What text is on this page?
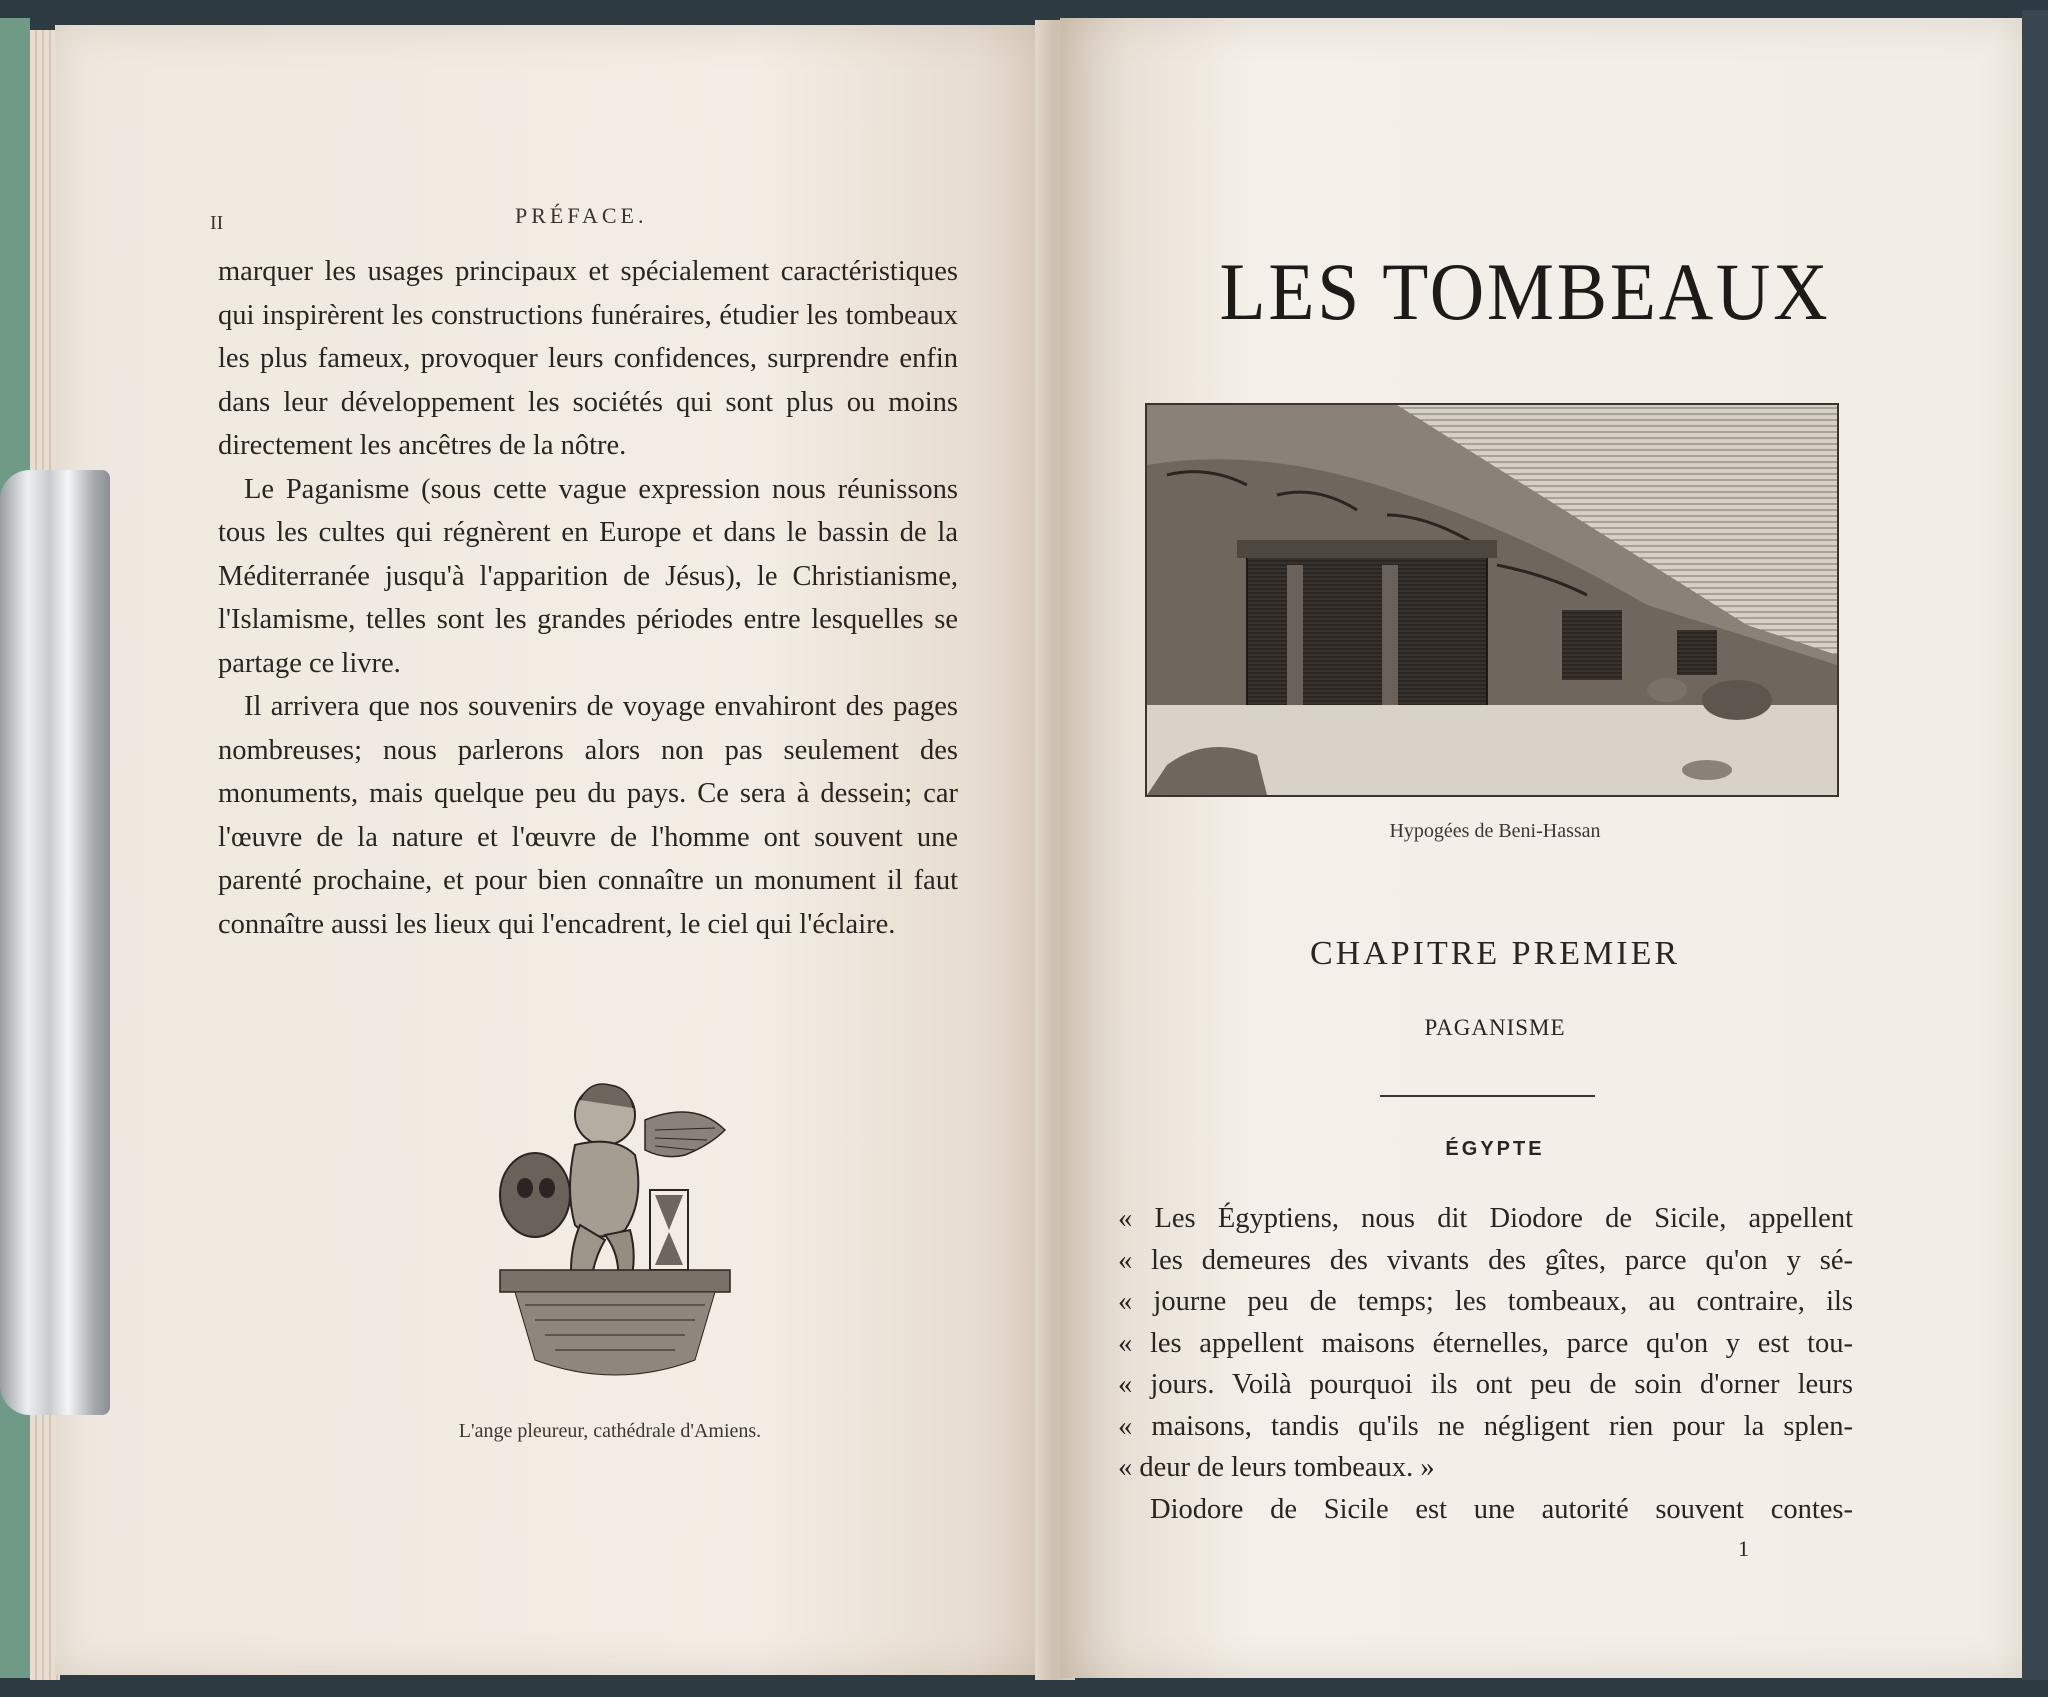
II	PRÉFACE.

marquer les usages principaux et spécialement caractéristiques qui inspirèrent les constructions funéraires, étudier les tombeaux les plus fameux, provoquer leurs confidences, surprendre enfin dans leur développement les sociétés qui sont plus ou moins directement les ancêtres de la nôtre.

Le Paganisme (sous cette vague expression nous réunissons tous les cultes qui régnèrent en Europe et dans le bassin de la Méditerranée jusqu'à l'apparition de Jésus), le Christianisme, l'Islamisme, telles sont les grandes périodes entre lesquelles se partage ce livre.

Il arrivera que nos souvenirs de voyage envahiront des pages nombreuses; nous parlerons alors non pas seulement des monuments, mais quelque peu du pays. Ce sera à dessein; car l'œuvre de la nature et l'œuvre de l'homme ont souvent une parenté prochaine, et pour bien connaître un monument il faut connaître aussi les lieux qui l'encadrent, le ciel qui l'éclaire.

L'ange pleureur, cathédrale d'Amiens.
LES TOMBEAUX
Hypogées de Beni-Hassan
CHAPITRE PREMIER
PAGANISME
ÉGYPTE
« Les Égyptiens, nous dit Diodore de Sicile, appellent
« les demeures des vivants des gîtes, parce qu'on y sé-
« journe peu de temps; les tombeaux, au contraire, ils
« les appellent maisons éternelles, parce qu'on y est tou-
« jours. Voilà pourquoi ils ont peu de soin d'orner leurs
« maisons, tandis qu'ils ne négligent rien pour la splen-
« deur de leurs tombeaux. »
Diodore de Sicile est une autorité souvent contes-
1
